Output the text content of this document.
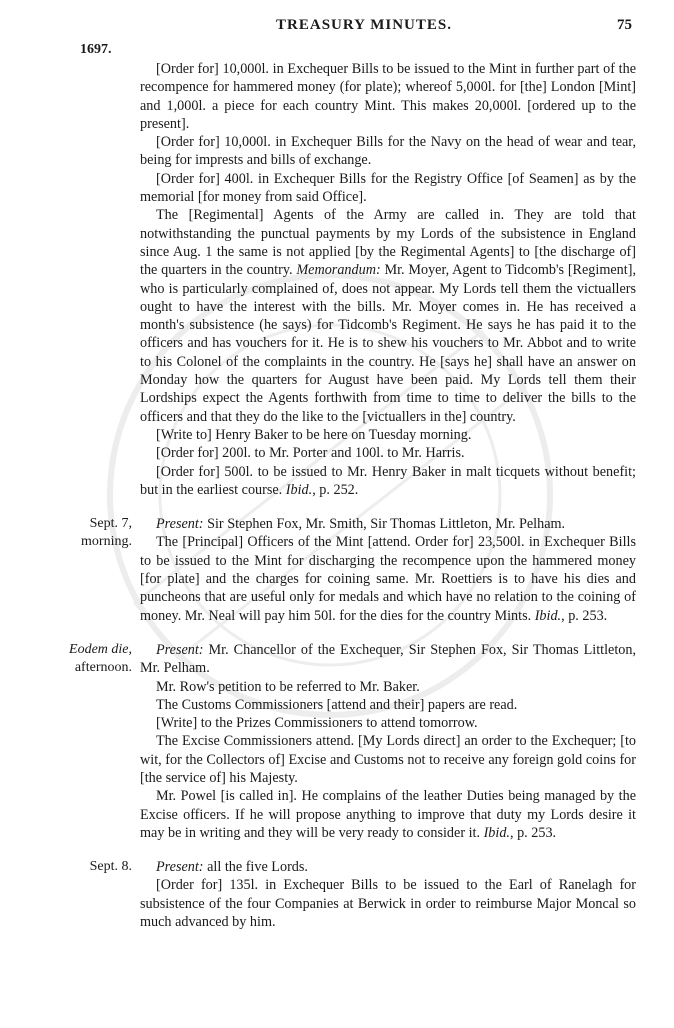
TREASURY MINUTES.	75
1697.

[Order for] 10,000l. in Exchequer Bills to be issued to the Mint in further part of the recompence for hammered money (for plate); whereof 5,000l. for [the] London [Mint] and 1,000l. a piece for each country Mint. This makes 20,000l. [ordered up to the present].

[Order for] 10,000l. in Exchequer Bills for the Navy on the head of wear and tear, being for imprests and bills of exchange.

[Order for] 400l. in Exchequer Bills for the Registry Office [of Seamen] as by the memorial [for money from said Office].

The [Regimental] Agents of the Army are called in. They are told that notwithstanding the punctual payments by my Lords of the subsistence in England since Aug. 1 the same is not applied [by the Regimental Agents] to [the discharge of] the quarters in the country. Memorandum: Mr. Moyer, Agent to Tidcomb's [Regiment], who is particularly complained of, does not appear. My Lords tell them the victuallers ought to have the interest with the bills. Mr. Moyer comes in. He has received a month's subsistence (he says) for Tidcomb's Regiment. He says he has paid it to the officers and has vouchers for it. He is to shew his vouchers to Mr. Abbot and to write to his Colonel of the complaints in the country. He [says he] shall have an answer on Monday how the quarters for August have been paid. My Lords tell them their Lordships expect the Agents forthwith from time to time to deliver the bills to the officers and that they do the like to the [victuallers in the] country.

[Write to] Henry Baker to be here on Tuesday morning.

[Order for] 200l. to Mr. Porter and 100l. to Mr. Harris.

[Order for] 500l. to be issued to Mr. Henry Baker in malt ticquets without benefit; but in the earliest course. Ibid., p. 252.

Sept. 7,
morning.

Present: Sir Stephen Fox, Mr. Smith, Sir Thomas Littleton, Mr. Pelham.

The [Principal] Officers of the Mint [attend. Order for] 23,500l. in Exchequer Bills to be issued to the Mint for discharging the recompence upon the hammered money [for plate] and the charges for coining same. Mr. Roettiers is to have his dies and puncheons that are useful only for medals and which have no relation to the coining of money. Mr. Neal will pay him 50l. for the dies for the country Mints. Ibid., p. 253.

Eodem die,
afternoon.

Present: Mr. Chancellor of the Exchequer, Sir Stephen Fox, Sir Thomas Littleton, Mr. Pelham.

Mr. Row's petition to be referred to Mr. Baker.

The Customs Commissioners [attend and their] papers are read.

[Write] to the Prizes Commissioners to attend tomorrow.

The Excise Commissioners attend. [My Lords direct] an order to the Exchequer; [to wit, for the Collectors of] Excise and Customs not to receive any foreign gold coins for [the service of] his Majesty.

Mr. Powel [is called in]. He complains of the leather Duties being managed by the Excise officers. If he will propose anything to improve that duty my Lords desire it may be in writing and they will be very ready to consider it. Ibid., p. 253.

Sept. 8.	Present: all the five Lords.

[Order for] 135l. in Exchequer Bills to be issued to the Earl of Ranelagh for subsistence of the four Companies at Berwick in order to reimburse Major Moncal so much advanced by him.
